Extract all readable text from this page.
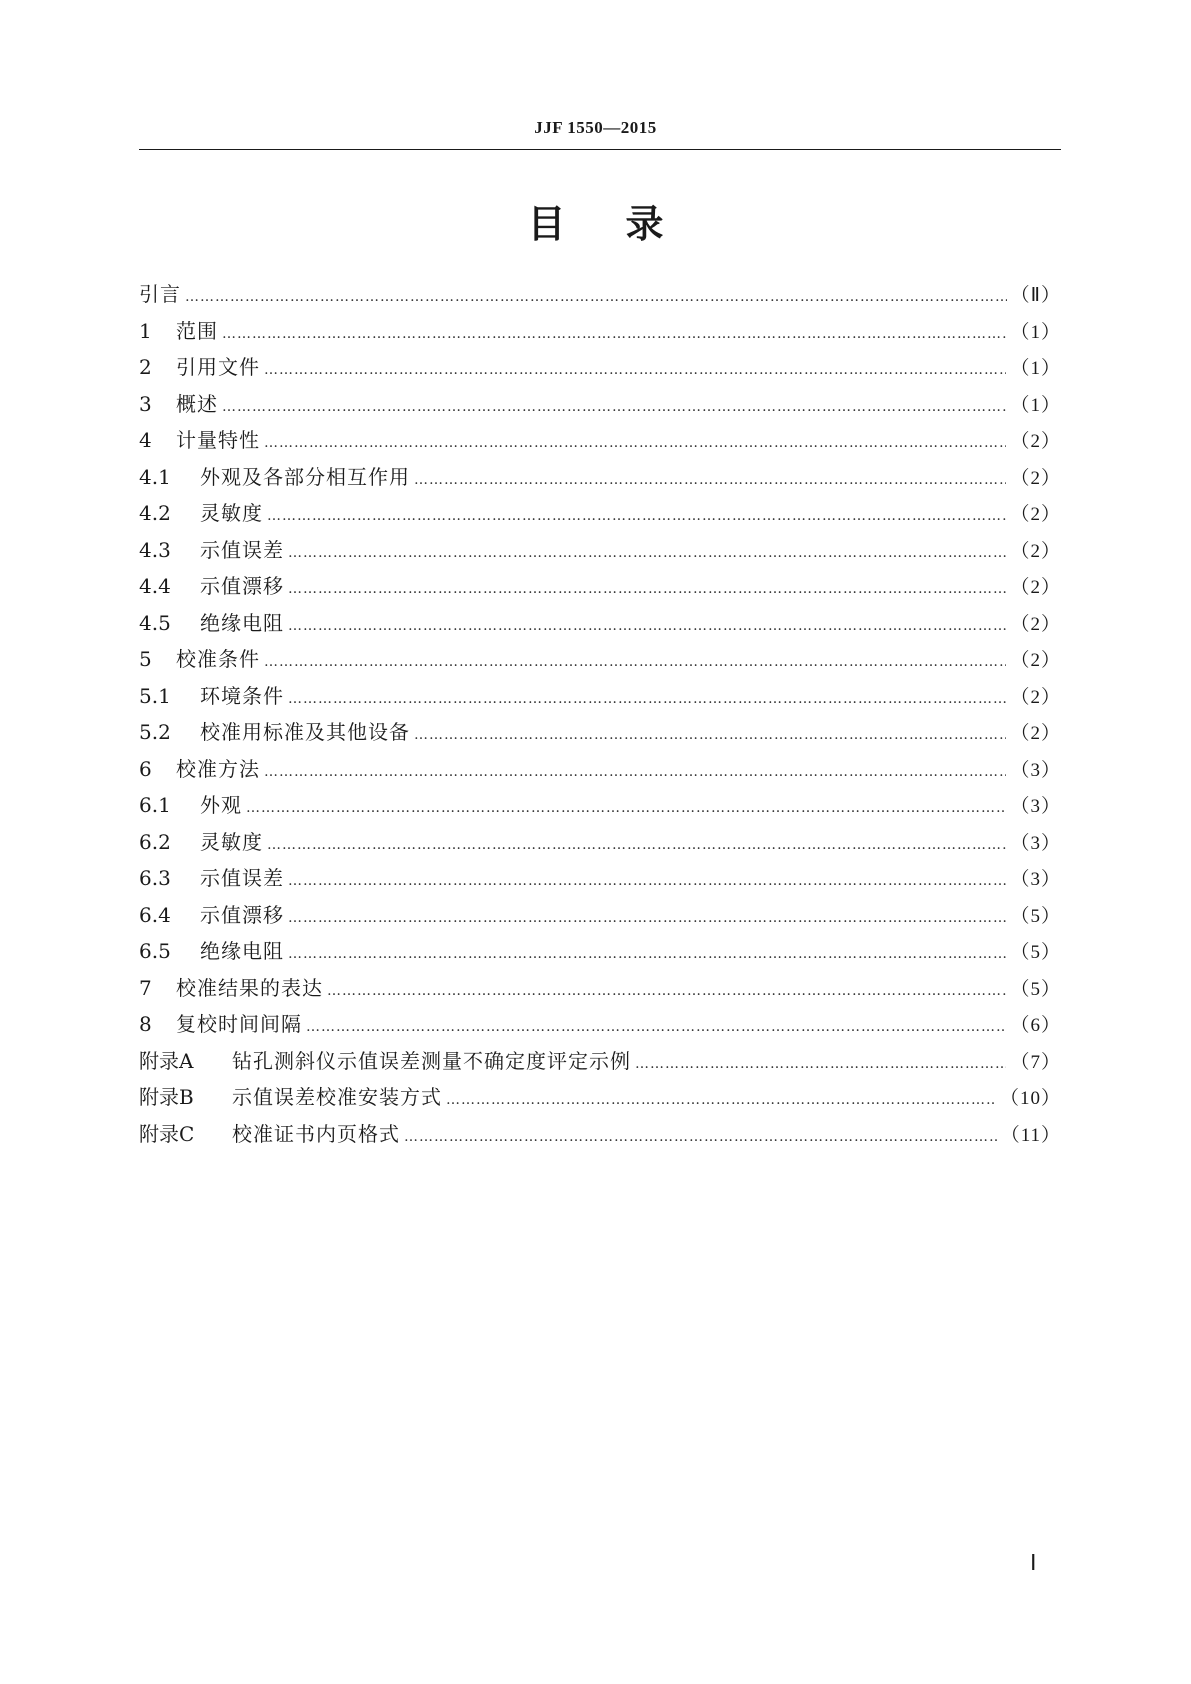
JJF 1550—2015
目录
引言 ……………………………………………………………………………………………………………………………………………………………………………………………………………………………………………………………	（Ⅱ）
1	范围 ……………………………………………………………………………………………………………………………………………………………………………………………………………………………………………………………	（1）
2	引用文件 ……………………………………………………………………………………………………………………………………………………………………………………………………………………………………………………………	（1）
3	概述 ……………………………………………………………………………………………………………………………………………………………………………………………………………………………………………………………	（1）
4	计量特性 ……………………………………………………………………………………………………………………………………………………………………………………………………………………………………………………………	（2）
4.1	外观及各部分相互作用 ……………………………………………………………………………………………………………………………………………………………………………………………………………………………………………………………	（2）
4.2	灵敏度 ……………………………………………………………………………………………………………………………………………………………………………………………………………………………………………………………	（2）
4.3	示值误差 ……………………………………………………………………………………………………………………………………………………………………………………………………………………………………………………………	（2）
4.4	示值漂移 ……………………………………………………………………………………………………………………………………………………………………………………………………………………………………………………………	（2）
4.5	绝缘电阻 ……………………………………………………………………………………………………………………………………………………………………………………………………………………………………………………………	（2）
5	校准条件 ……………………………………………………………………………………………………………………………………………………………………………………………………………………………………………………………	（2）
5.1	环境条件 ……………………………………………………………………………………………………………………………………………………………………………………………………………………………………………………………	（2）
5.2	校准用标准及其他设备 ……………………………………………………………………………………………………………………………………………………………………………………………………………………………………………………………	（2）
6	校准方法 ……………………………………………………………………………………………………………………………………………………………………………………………………………………………………………………………	（3）
6.1	外观 ……………………………………………………………………………………………………………………………………………………………………………………………………………………………………………………………	（3）
6.2	灵敏度 ……………………………………………………………………………………………………………………………………………………………………………………………………………………………………………………………	（3）
6.3	示值误差 ……………………………………………………………………………………………………………………………………………………………………………………………………………………………………………………………	（3）
6.4	示值漂移 ……………………………………………………………………………………………………………………………………………………………………………………………………………………………………………………………	（5）
6.5	绝缘电阻 ……………………………………………………………………………………………………………………………………………………………………………………………………………………………………………………………	（5）
7	校准结果的表达 ……………………………………………………………………………………………………………………………………………………………………………………………………………………………………………………………	（5）
8	复校时间间隔 ……………………………………………………………………………………………………………………………………………………………………………………………………………………………………………………………	（6）
附录A	钻孔测斜仪示值误差测量不确定度评定示例 ……………………………………………………………………………………………………………………………………………………………………………………………………………………………………………………………	（7）
附录B	示值误差校准安装方式 ……………………………………………………………………………………………………………………………………………………………………………………………………………………………………………………………	（10）
附录C	校准证书内页格式 ……………………………………………………………………………………………………………………………………………………………………………………………………………………………………………………………	（11）
Ⅰ
